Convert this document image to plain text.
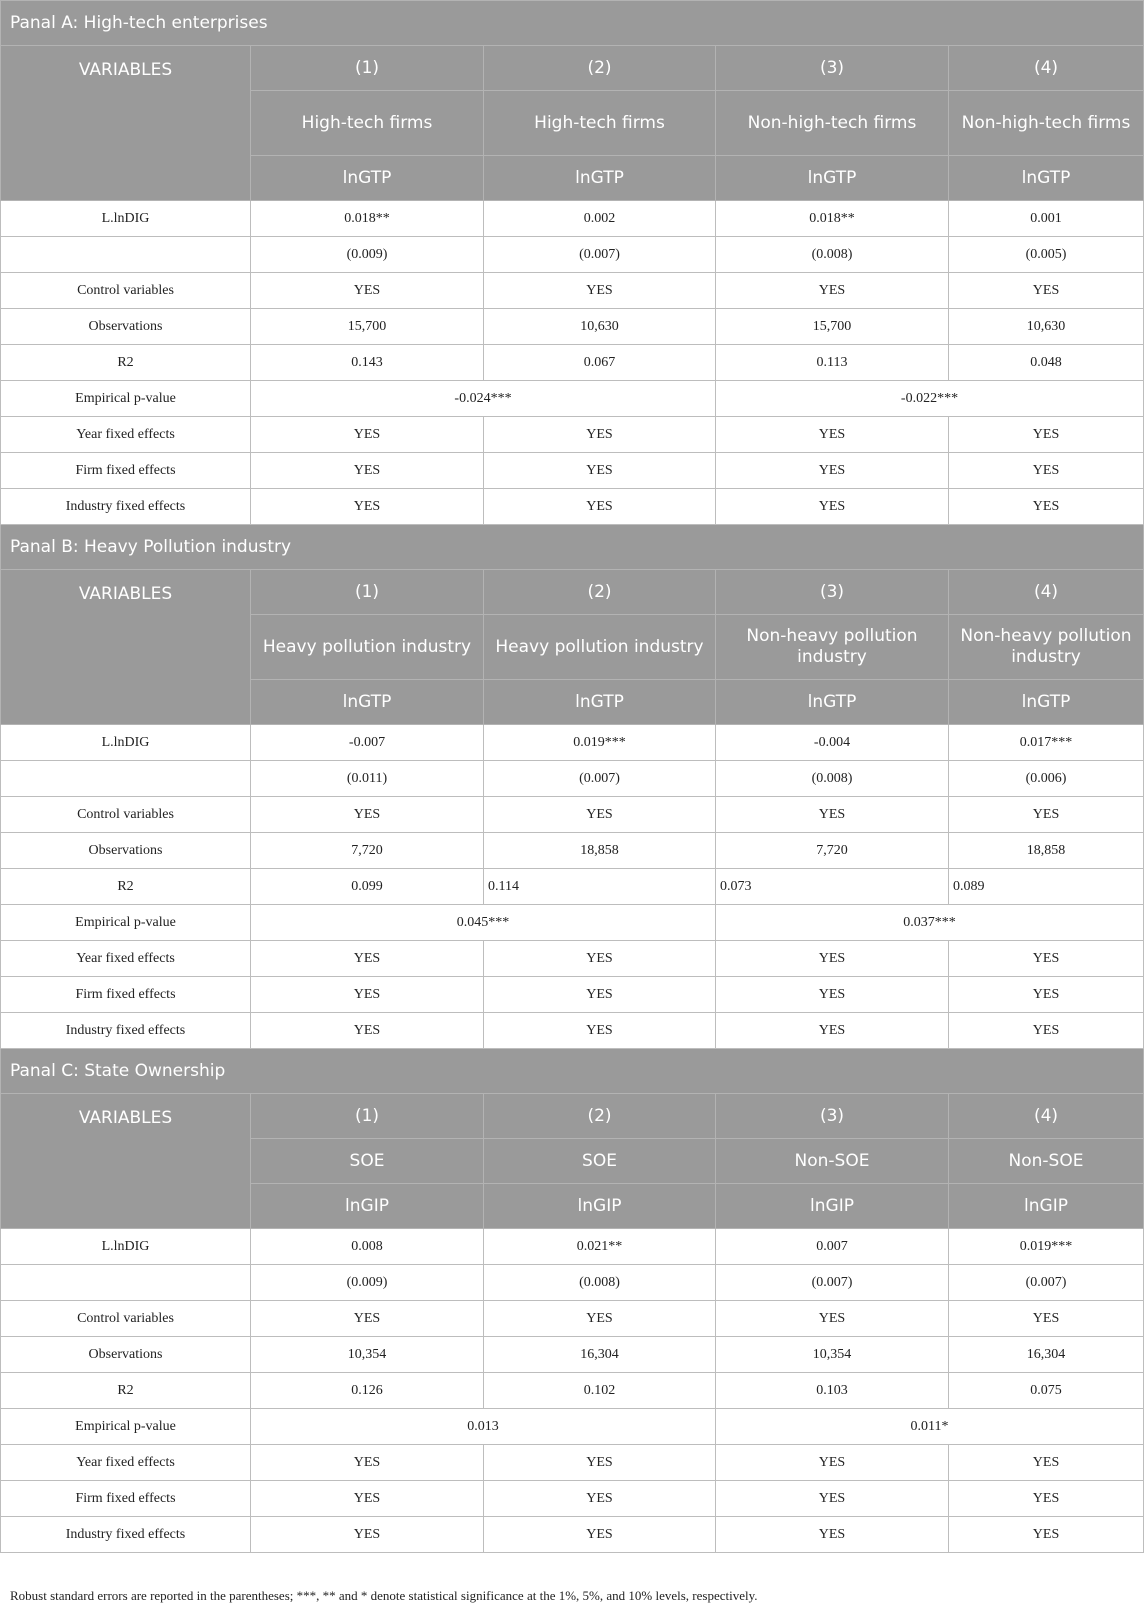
Panal A: High-tech enterprises				
VARIABLES	(1)	(2)	(3)	(4)
	High-tech firms	High-tech firms	Non-high-tech firms	Non-high-tech firms
	lnGTP	lnGTP	lnGTP	lnGTP
L.lnDIG	0.018**	0.002	0.018**	0.001
	(0.009)	(0.007)	(0.008)	(0.005)
Control variables	YES	YES	YES	YES
Observations	15,700	10,630	15,700	10,630
R2	0.143	0.067	0.113	0.048
Empirical p-value	-0.024***		-0.022***	
Year fixed effects	YES	YES	YES	YES
Firm fixed effects	YES	YES	YES	YES
Industry fixed effects	YES	YES	YES	YES
Panal B: Heavy Pollution industry				
VARIABLES	(1)	(2)	(3)	(4)
	Heavy pollution industry	Heavy pollution industry	Non-heavy pollution industry	Non-heavy pollution industry
	lnGTP	lnGTP	lnGTP	lnGTP
L.lnDIG	-0.007	0.019***	-0.004	0.017***
	(0.011)	(0.007)	(0.008)	(0.006)
Control variables	YES	YES	YES	YES
Observations	7,720	18,858	7,720	18,858
R2	0.099	0.114	0.073	0.089
Empirical p-value	0.045***		0.037***	
Year fixed effects	YES	YES	YES	YES
Firm fixed effects	YES	YES	YES	YES
Industry fixed effects	YES	YES	YES	YES
Panal C: State Ownership				
VARIABLES	(1)	(2)	(3)	(4)
	SOE	SOE	Non-SOE	Non-SOE
	lnGIP	lnGIP	lnGIP	lnGIP
L.lnDIG	0.008	0.021**	0.007	0.019***
	(0.009)	(0.008)	(0.007)	(0.007)
Control variables	YES	YES	YES	YES
Observations	10,354	16,304	10,354	16,304
R2	0.126	0.102	0.103	0.075
Empirical p-value	0.013		0.011*	
Year fixed effects	YES	YES	YES	YES
Firm fixed effects	YES	YES	YES	YES
Industry fixed effects	YES	YES	YES	YES
Robust standard errors are reported in the parentheses; ***, ** and * denote statistical significance at the 1%, 5%, and 10% levels, respectively.
